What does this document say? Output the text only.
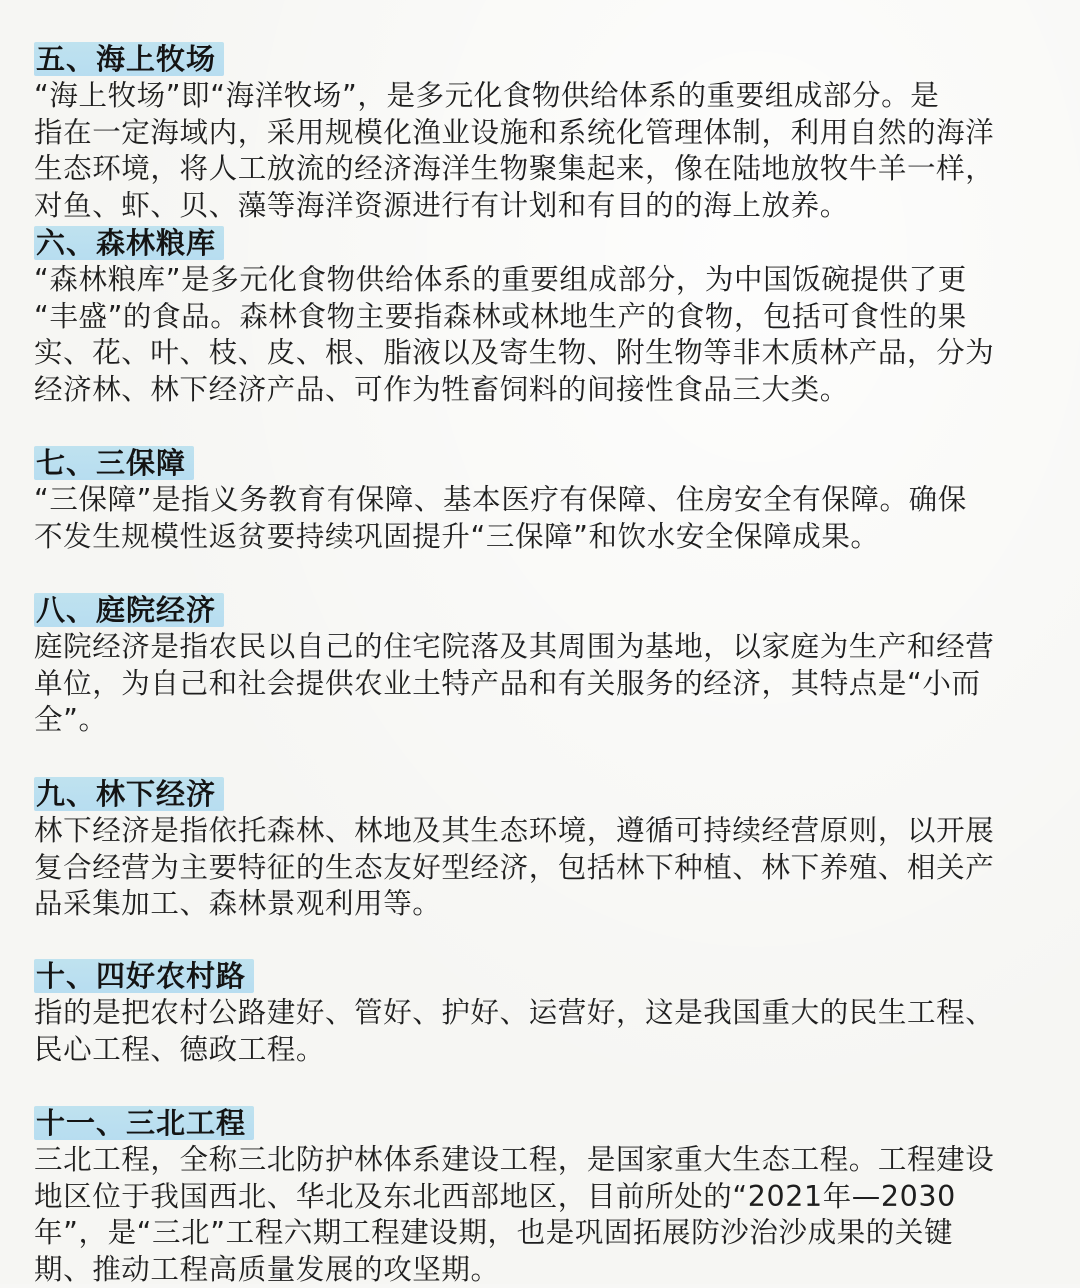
五、海上牧场
“海上牧场”即“海洋牧场”，是多元化食物供给体系的重要组成部分。是
指在一定海域内，采用规模化渔业设施和系统化管理体制，利用自然的海洋
生态环境，将人工放流的经济海洋生物聚集起来，像在陆地放牧牛羊一样，
对鱼、虾、贝、藻等海洋资源进行有计划和有目的的海上放养。
六、森林粮库
“森林粮库”是多元化食物供给体系的重要组成部分，为中国饭碗提供了更
“丰盛”的食品。森林食物主要指森林或林地生产的食物，包括可食性的果
实、花、叶、枝、皮、根、脂液以及寄生物、附生物等非木质林产品，分为
经济林、林下经济产品、可作为牲畜饲料的间接性食品三大类。
七、三保障
“三保障”是指义务教育有保障、基本医疗有保障、住房安全有保障。确保
不发生规模性返贫要持续巩固提升“三保障”和饮水安全保障成果。
八、庭院经济
庭院经济是指农民以自己的住宅院落及其周围为基地，以家庭为生产和经营
单位，为自己和社会提供农业土特产品和有关服务的经济，其特点是“小而
全”。
九、林下经济
林下经济是指依托森林、林地及其生态环境，遵循可持续经营原则，以开展
复合经营为主要特征的生态友好型经济，包括林下种植、林下养殖、相关产
品采集加工、森林景观利用等。
十、四好农村路
指的是把农村公路建好、管好、护好、运营好，这是我国重大的民生工程、
民心工程、德政工程。
十一、三北工程
三北工程，全称三北防护林体系建设工程，是国家重大生态工程。工程建设
地区位于我国西北、华北及东北西部地区，目前所处的“2021年—2030
年”，是“三北”工程六期工程建设期，也是巩固拓展防沙治沙成果的关键
期、推动工程高质量发展的攻坚期。
